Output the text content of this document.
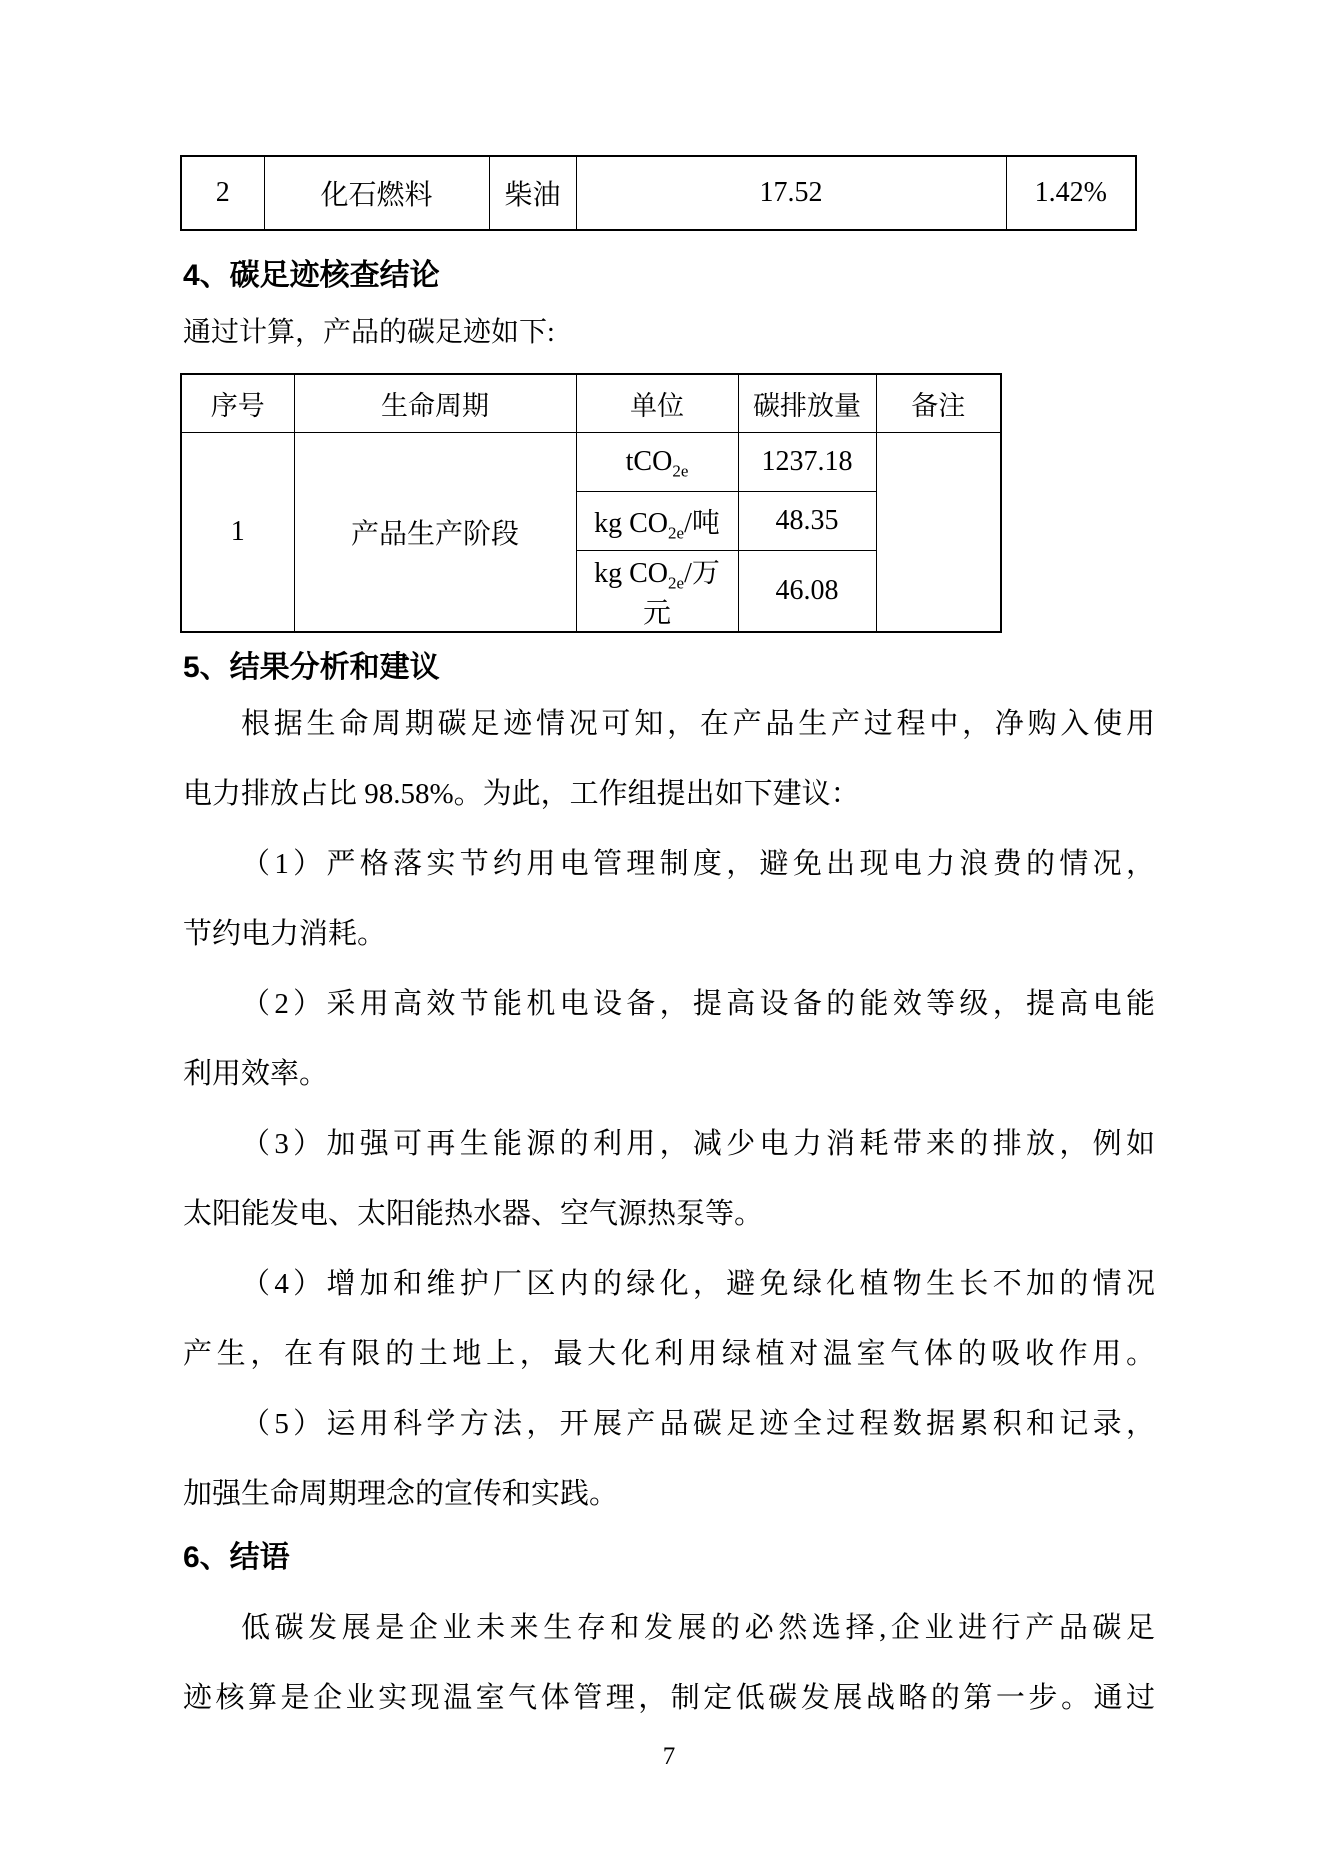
2	化石燃料	柴油	17.52	1.42%
4、碳足迹核查结论
通过计算，产品的碳足迹如下:
序号	生命周期	单位	碳排放量	备注
1	产品生产阶段	tCO$_{2e}$	1237.18	
		kg $CO_{2e}/$吨	48.35	
		kg $CO_{2e}/$万元	46.08	
5、结果分析和建议
根据生命周期碳足迹情况可知，在产品生产过程中，净购入使用
电力排放占比 98.58%。为此，工作组提出如下建议：
（1）严格落实节约用电管理制度，避免出现电力浪费的情况，
节约电力消耗。
（2）采用高效节能机电设备，提高设备的能效等级，提高电能
利用效率。
（3）加强可再生能源的利用，减少电力消耗带来的排放，例如
太阳能发电、太阳能热水器、空气源热泵等。
（4）增加和维护厂区内的绿化，避免绿化植物生长不加的情况
产生，在有限的土地上，最大化利用绿植对温室气体的吸收作用。
（5）运用科学方法，开展产品碳足迹全过程数据累积和记录，
加强生命周期理念的宣传和实践。
6、结语
低碳发展是企业未来生存和发展的必然选择,企业进行产品碳足
迹核算是企业实现温室气体管理，制定低碳发展战略的第一步。通过
7
